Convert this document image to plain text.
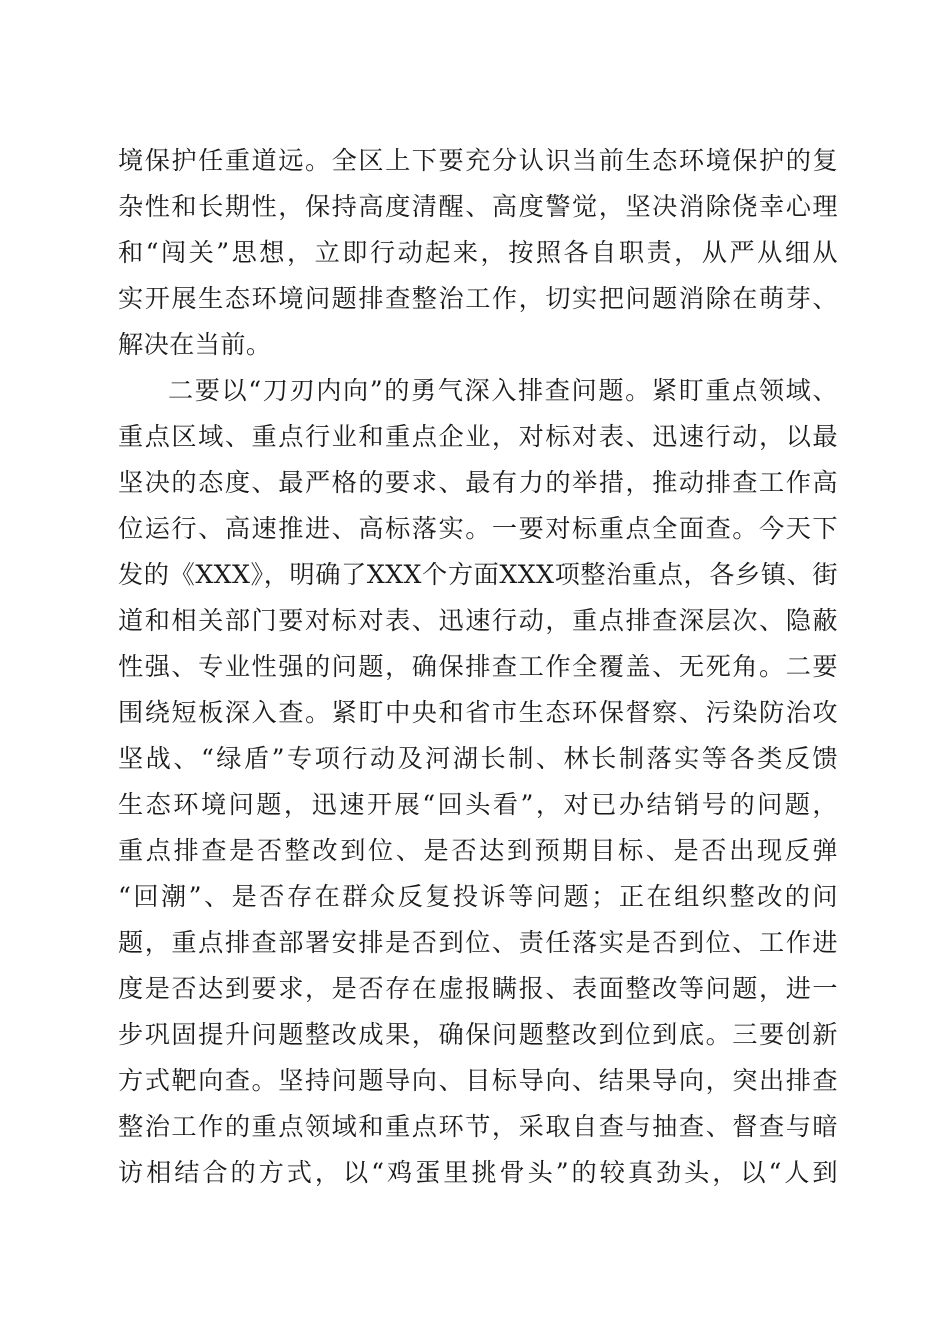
境保护任重道远。全区上下要充分认识当前生态环境保护的复
杂性和长期性，保持高度清醒、高度警觉，坚决消除侥幸心理
和“闯关”思想，立即行动起来，按照各自职责，从严从细从
实开展生态环境问题排查整治工作，切实把问题消除在萌芽、
解决在当前。
二要以“刀刃内向”的勇气深入排查问题。紧盯重点领域、
重点区域、重点行业和重点企业，对标对表、迅速行动，以最
坚决的态度、最严格的要求、最有力的举措，推动排查工作高
位运行、高速推进、高标落实。一要对标重点全面查。今天下
发的《XXX》，明确了XXX个方面XXX项整治重点，各乡镇、街
道和相关部门要对标对表、迅速行动，重点排查深层次、隐蔽
性强、专业性强的问题，确保排查工作全覆盖、无死角。二要
围绕短板深入查。紧盯中央和省市生态环保督察、污染防治攻
坚战、“绿盾”专项行动及河湖长制、林长制落实等各类反馈
生态环境问题，迅速开展“回头看”，对已办结销号的问题，
重点排查是否整改到位、是否达到预期目标、是否出现反弹
“回潮”、是否存在群众反复投诉等问题；正在组织整改的问
题，重点排查部署安排是否到位、责任落实是否到位、工作进
度是否达到要求，是否存在虚报瞒报、表面整改等问题，进一
步巩固提升问题整改成果，确保问题整改到位到底。三要创新
方式靶向查。坚持问题导向、目标导向、结果导向，突出排查
整治工作的重点领域和重点环节，采取自查与抽查、督查与暗
访相结合的方式，以“鸡蛋里挑骨头”的较真劲头，以“人到
